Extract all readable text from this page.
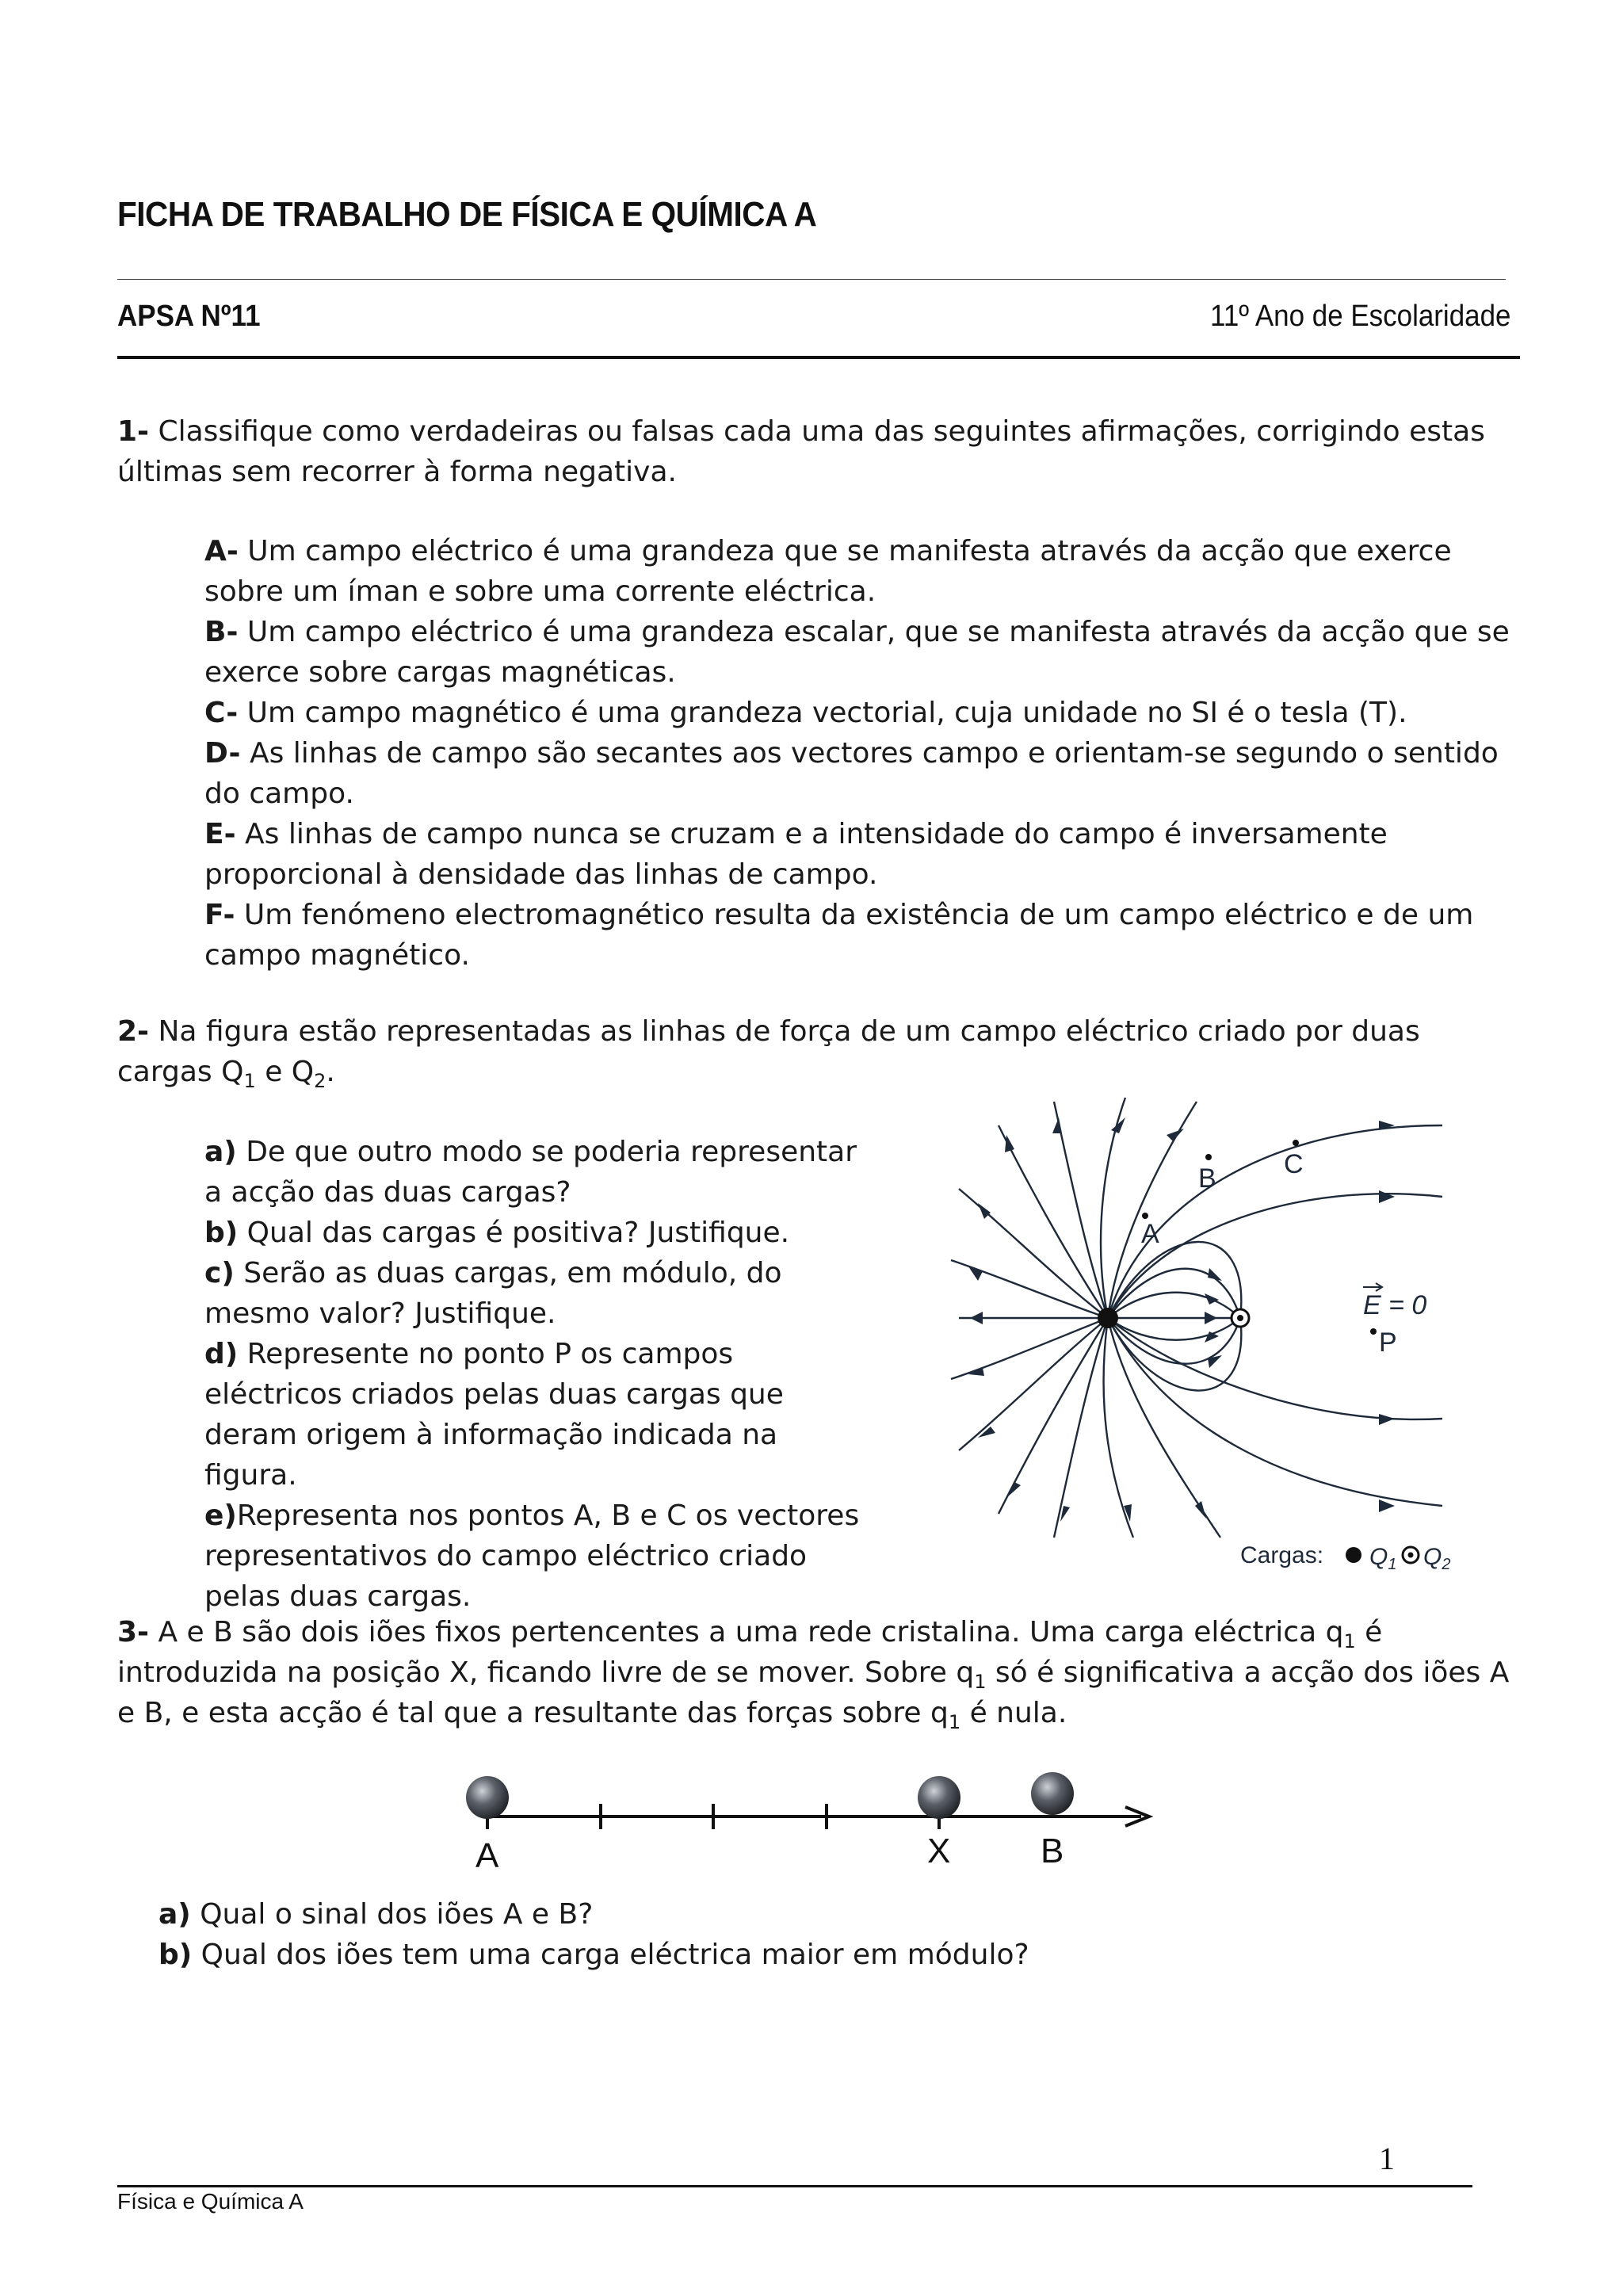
FICHA DE TRABALHO DE FÍSICA E QUÍMICA A
APSA Nº11	11º Ano de Escolaridade

1- Classifique como verdadeiras ou falsas cada uma das seguintes afirmações, corrigindo estas últimas sem recorrer à forma negativa.

A- Um campo eléctrico é uma grandeza que se manifesta através da acção que exerce sobre um íman e sobre uma corrente eléctrica.

B- Um campo eléctrico é uma grandeza escalar, que se manifesta através da acção que se exerce sobre cargas magnéticas.

C- Um campo magnético é uma grandeza vectorial, cuja unidade no SI é o tesla (T).

D- As linhas de campo são secantes aos vectores campo e orientam-se segundo o sentido do campo.

E- As linhas de campo nunca se cruzam e a intensidade do campo é inversamente proporcional à densidade das linhas de campo.

F- Um fenómeno electromagnético resulta da existência de um campo eléctrico e de um campo magnético.

2- Na figura estão representadas as linhas de força de um campo eléctrico criado por duas cargas $Q_1$ e $Q_2$.

a) De que outro modo se poderia representar a acção das duas cargas?

b) Qual das cargas é positiva? Justifique.

c) Serão as duas cargas, em módulo, do mesmo valor? Justifique.

d) Represente no ponto P os campos eléctricos criados pelas duas cargas que deram origem à informação indicada na figura.

e)Representa nos pontos A, B e C os vectores representativos do campo eléctrico criado pelas duas cargas.

A
B	C
P
E = 0
Cargas: $Q_1$ $Q_2$
3- A e B são dois iões fixos pertencentes a uma rede cristalina. Uma carga eléctrica $q_1$ é introduzida na posição X, ficando livre de se mover. Sobre $q_1$ só é significativa a acção dos iões A e B, e esta acção é tal que a resultante das forças sobre $q_1$ é nula.
A	X	B

a) Qual o sinal dos iões A e B?

b) Qual dos iões tem uma carga eléctrica maior em módulo?

1
Física e Química A
